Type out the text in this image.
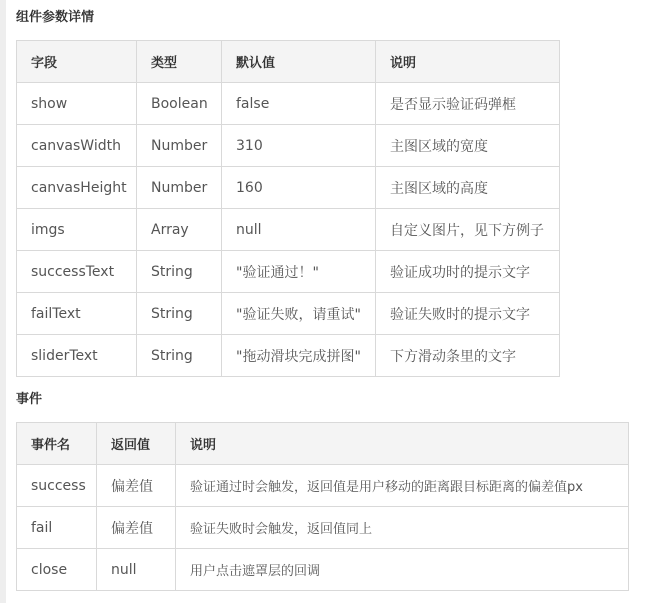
组件参数详情
字段	类型	默认值	说明
show	Boolean	false	是否显示验证码弹框
canvasWidth	Number	310	主图区域的宽度
canvasHeight	Number	160	主图区域的高度
imgs	Array	null	自定义图片，见下方例子
successText	String	"验证通过！"	验证成功时的提示文字
failText	String	"验证失败，请重试"	验证失败时的提示文字
sliderText	String	"拖动滑块完成拼图"	下方滑动条里的文字
事件
事件名	返回值	说明
success	偏差值	验证通过时会触发，返回值是用户移动的距离跟目标距离的偏差值px
fail	偏差值	验证失败时会触发，返回值同上
close	null	用户点击遮罩层的回调
